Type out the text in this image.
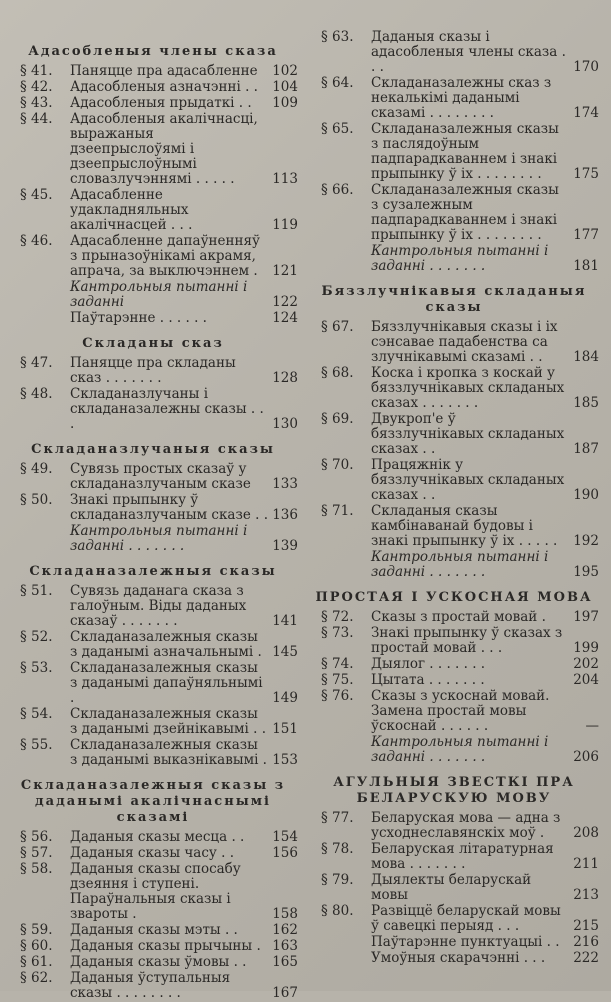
Адасобленыя члены сказа
§ 41.	Паняцце пра адасабленне	102
§ 42.	Адасобленыя азначэнні . .	104
§ 43.	Адасобленыя прыдаткі . .	109
§ 44.	Адасобленыя акалічнасці, выражаныя дзеепрыслоўямі і дзеепрыслоўнымі словазлучэннямі . . . . .	113
§ 45.	Адасабленне удакладняльных акалічнасцей . . .	119
§ 46.	Адасабленне дапаўненняў з прыназоўнікамі акрамя, апрача, за выключэннем .	121
Кантрольныя пытанні і заданні	122
Паўтарэнне . . . . . .	124
Складаны сказ
§ 47.	Паняцце пра складаны сказ . . . . . . .	128
§ 48.	Складаназлучаны і складаназалежны сказы . . .	130
Складаназлучаныя сказы
§ 49.	Сувязь простых сказаў у складаназлучаным сказе	133
§ 50.	Знакі прыпынку ў складаназлучаным сказе . . 136
Кантрольныя пытанні і заданні . . . . . . .	139
Складаназалежныя сказы
§ 51.	Сувязь даданага сказа з галоўным. Віды даданых сказаў . . . . . . .	141
§ 52.	Складаназалежныя сказы з даданымі азначальнымі . 145
§ 53.	Складаназалежныя сказы з даданымі дапаўняльнымі .	149
§ 54.	Складаназалежныя сказы з даданымі дзейнікавымі . . 151
§ 55.	Складаназалежныя сказы з даданымі выказнікавымі . 153
Складаназалежныя сказы з даданымі акалічнаснымі сказамі
§ 56.	Даданыя сказы месца . .	154
§ 57.	Даданыя сказы часу . .	156
§ 58.	Даданыя сказы спосабу дзеяння і ступені. Параўнальныя сказы і звароты .	158
§ 59.	Даданыя сказы мэты . .	162
§ 60.	Даданыя сказы прычыны . 163
§ 61.	Даданыя сказы ўмовы . .	165
§ 62.	Даданыя ўступальныя сказы . . . . . . . .	167
§ 63.	Даданыя сказы і адасобленыя члены сказа . . .	170
§ 64.	Складаназалежны сказ з некалькімі даданымі сказамі . . . . . . . .	174
§ 65.	Складаназалежныя сказы з паслядоўным падпарадкаваннем і знакі прыпынку ў іх . . . . . . . .	175
§ 66.	Складаназалежныя сказы з сузалежным падпарадкаваннем і знакі прыпынку ў іх . . . . . . . .	177
Кантрольныя пытанні і заданні . . . . . . .	181
Бяззлучнікавыя складаныя сказы
§ 67.	Бяззлучнікавыя сказы і іх сэнсавае падабенства са злучнікавымі сказамі . .	184
§ 68.	Коска і кропка з коскай у бяззлучнікавых складаных сказах . . . . . . .	185
§ 69.	Двукроп'е ў бяззлучнікавых складаных сказах . .	187
§ 70.	Працяжнік у бяззлучнікавых складаных сказах . .	190
§ 71.	Складаныя сказы камбінаванай будовы і знакі прыпынку ў іх . . . . .	192
Кантрольныя пытанні і заданні . . . . . . .	195
ПРОСТАЯ І УСКОСНАЯ МОВА
§ 72.	Сказы з простай мовай .	197
§ 73.	Знакі прыпынку ў сказах з простай мовай . . .	199
§ 74.	Дыялог . . . . . . .	202
§ 75.	Цытата . . . . . . .	204
§ 76.	Сказы з ускоснай мовай. Замена простай мовы ўскоснай . . . . . .	—
Кантрольныя пытанні і заданні . . . . . . .	206
АГУЛЬНЫЯ ЗВЕСТКІ ПРА БЕЛАРУСКУЮ МОВУ
§ 77.	Беларуская мова — адна з усходнеславянскіх моў .	208
§ 78.	Беларуская літаратурная мова . . . . . . .	211
§ 79.	Дыялекты беларускай мовы	213
§ 80.	Развіццё беларускай мовы ў савецкі перыяд . . .	215
Паўтарэнне пунктуацыі . .	216
Умоўныя скарачэнні . . .	222
